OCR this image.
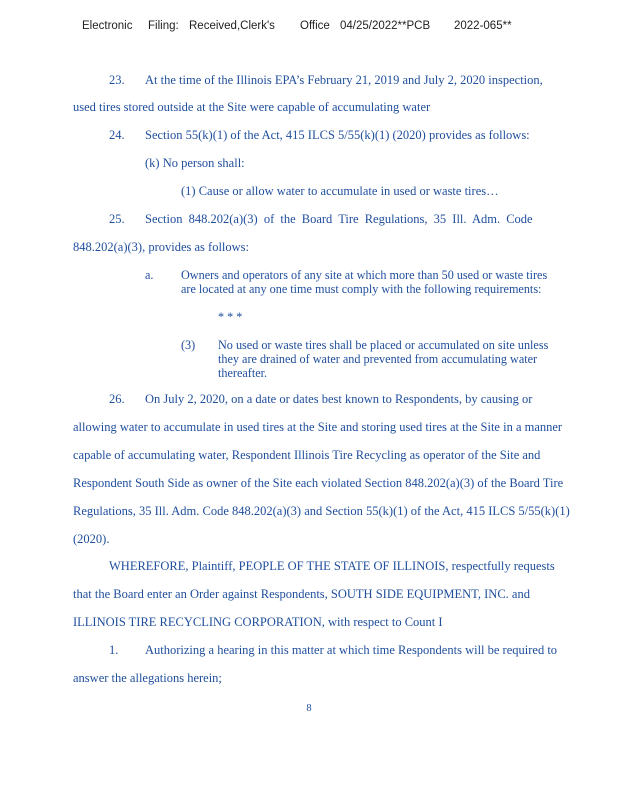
Electronic Filing: Received,Clerk's Office 04/25/2022**PCB 2022-065**
23. At the time of the Illinois EPA’s February 21, 2019 and July 2, 2020 inspection,
used tires stored outside at the Site were capable of accumulating water
24. Section 55(k)(1) of the Act, 415 ILCS 5/55(k)(1) (2020) provides as follows:
(k) No person shall:
(1) Cause or allow water to accumulate in used or waste tires…
25. Section 848.202(a)(3) of the Board Tire Regulations, 35 Ill. Adm. Code
848.202(a)(3), provides as follows:
a. Owners and operators of any site at which more than 50 used or waste tires
are located at any one time must comply with the following requirements:
* * *
(3) No used or waste tires shall be placed or accumulated on site unless
they are drained of water and prevented from accumulating water
thereafter.
26. On July 2, 2020, on a date or dates best known to Respondents, by causing or
allowing water to accumulate in used tires at the Site and storing used tires at the Site in a manner
capable of accumulating water, Respondent Illinois Tire Recycling as operator of the Site and
Respondent South Side as owner of the Site each violated Section 848.202(a)(3) of the Board Tire
Regulations, 35 Ill. Adm. Code 848.202(a)(3) and Section 55(k)(1) of the Act, 415 ILCS 5/55(k)(1)
(2020).
WHEREFORE, Plaintiff, PEOPLE OF THE STATE OF ILLINOIS, respectfully requests
that the Board enter an Order against Respondents, SOUTH SIDE EQUIPMENT, INC. and
ILLINOIS TIRE RECYCLING CORPORATION, with respect to Count I
1. Authorizing a hearing in this matter at which time Respondents will be required to
answer the allegations herein;
8
